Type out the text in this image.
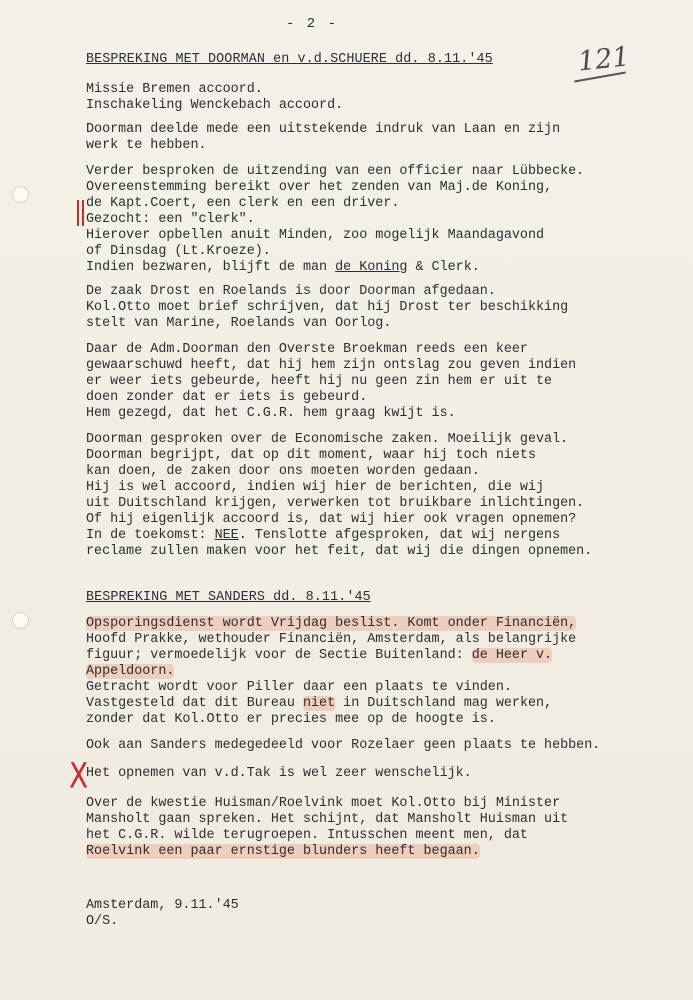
- 2 -
121
BESPREKING MET DOORMAN en v.d.SCHUERE dd. 8.11.'45
Missie Bremen accoord.
Inschakeling Wenckebach accoord.
Doorman deelde mede een uitstekende indruk van Laan en zijn
werk te hebben.
Verder besproken de uitzending van een officier naar Lübbecke.
Overeenstemming bereikt over het zenden van Maj.de Koning,
de Kapt.Coert, een clerk en een driver.
Gezocht: een "clerk".
Hierover opbellen anuit Minden, zoo mogelijk Maandagavond
of Dinsdag (Lt.Kroeze).
Indien bezwaren, blijft de man de Koning & Clerk.
De zaak Drost en Roelands is door Doorman afgedaan.
Kol.Otto moet brief schrijven, dat hij Drost ter beschikking
stelt van Marine, Roelands van Oorlog.
Daar de Adm.Doorman den Overste Broekman reeds een keer
gewaarschuwd heeft, dat hij hem zijn ontslag zou geven indien
er weer iets gebeurde, heeft hij nu geen zin hem er uit te
doen zonder dat er iets is gebeurd.
Hem gezegd, dat het C.G.R. hem graag kwijt is.
Doorman gesproken over de Economische zaken. Moeilijk geval.
Doorman begrijpt, dat op dit moment, waar hij toch niets
kan doen, de zaken door ons moeten worden gedaan.
Hij is wel accoord, indien wij hier de berichten, die wij
uit Duitschland krijgen, verwerken tot bruikbare inlichtingen.
Of hij eigenlijk accoord is, dat wij hier ook vragen opnemen?
In de toekomst: NEE. Tenslotte afgesproken, dat wij nergens
reclame zullen maken voor het feit, dat wij die dingen opnemen.
BESPREKING MET SANDERS dd. 8.11.'45
Opsporingsdienst wordt Vrijdag beslist. Komt onder Financiën,
Hoofd Prakke, wethouder Financiën, Amsterdam, als belangrijke
figuur; vermoedelijk voor de Sectie Buitenland: de Heer v.
Appeldoorn.
Getracht wordt voor Piller daar een plaats te vinden.
Vastgesteld dat dit Bureau niet in Duitschland mag werken,
zonder dat Kol.Otto er precies mee op de hoogte is.
Ook aan Sanders medegedeeld voor Rozelaer geen plaats te hebben.
X
Het opnemen van v.d.Tak is wel zeer wenschelijk.
Over de kwestie Huisman/Roelvink moet Kol.Otto bij Minister
Mansholt gaan spreken. Het schijnt, dat Mansholt Huisman uit
het C.G.R. wilde terugroepen. Intusschen meent men, dat
Roelvink een paar ernstige blunders heeft begaan.
Amsterdam, 9.11.'45
O/S.
